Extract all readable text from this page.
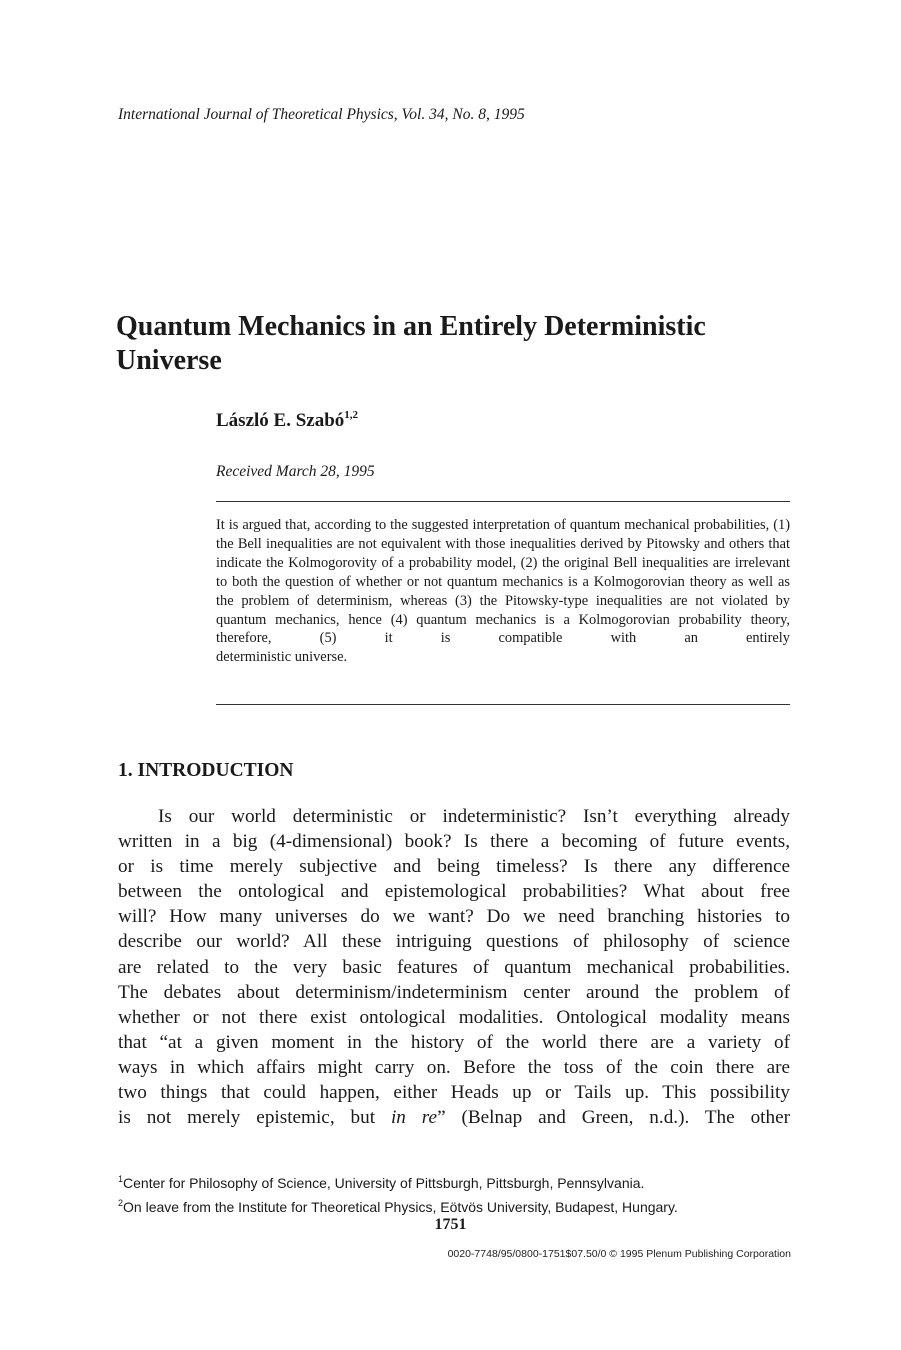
International Journal of Theoretical Physics, Vol. 34, No. 8, 1995
Quantum Mechanics in an Entirely Deterministic Universe
László E. Szabó$^{1,2}$
Received March 28, 1995
It is argued that, according to the suggested interpretation of quantum mechanical probabilities, (1) the Bell inequalities are not equivalent with those inequalities derived by Pitowsky and others that indicate the Kolmogorovity of a probability model, (2) the original Bell inequalities are irrelevant to both the question of whether or not quantum mechanics is a Kolmogorovian theory as well as the problem of determinism, whereas (3) the Pitowsky-type inequalities are not violated by quantum mechanics, hence (4) quantum mechanics is a Kolmogorovian probability theory, therefore, (5) it is compatible with an entirely
deterministic universe.
1. INTRODUCTION
Is our world deterministic or indeterministic? Isn’t everything already
written in a big (4-dimensional) book? Is there a becoming of future events,
or is time merely subjective and being timeless? Is there any difference
between the ontological and epistemological probabilities? What about free
will? How many universes do we want? Do we need branching histories to
describe our world? All these intriguing questions of philosophy of science
are related to the very basic features of quantum mechanical probabilities.
The debates about determinism/indeterminism center around the problem of
whether or not there exist ontological modalities. Ontological modality means
that “at a given moment in the history of the world there are a variety of
ways in which affairs might carry on. Before the toss of the coin there are
two things that could happen, either Heads up or Tails up. This possibility
is not merely epistemic, but in re” (Belnap and Green, n.d.). The other
$^1$Center for Philosophy of Science, University of Pittsburgh, Pittsburgh, Pennsylvania.
$^2$On leave from the Institute for Theoretical Physics, Eötvös University, Budapest, Hungary.
1751
0020-7748/95/0800-1751$07.50/0 © 1995 Plenum Publishing Corporation
